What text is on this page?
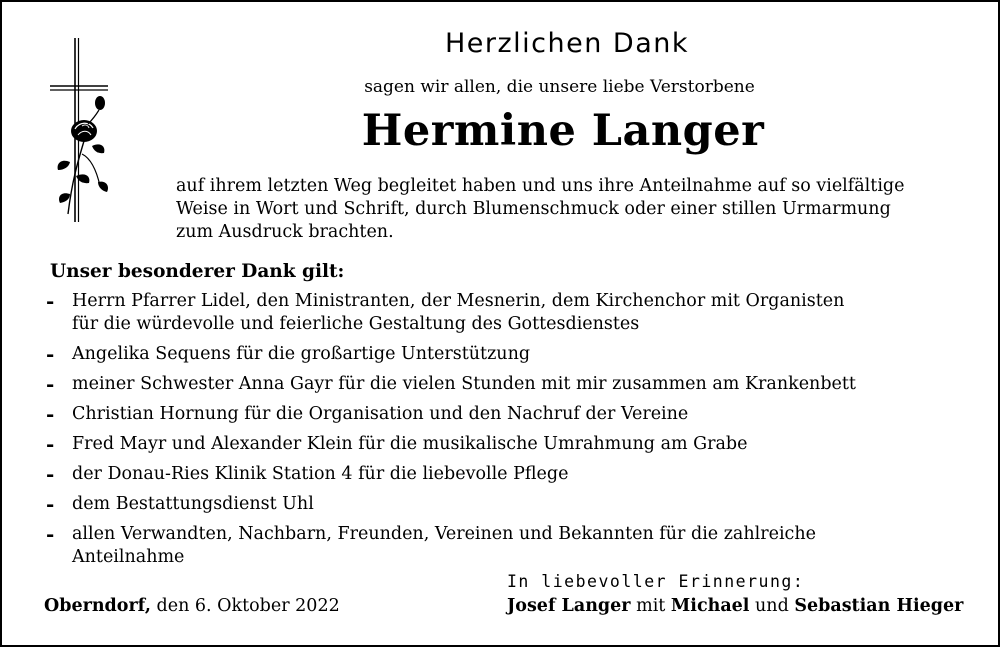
Herzlichen Dank
sagen wir allen, die unsere liebe Verstorbene
Hermine Langer
auf ihrem letzten Weg begleitet haben und uns ihre Anteilnahme auf so vielfältige
Weise in Wort und Schrift, durch Blumenschmuck oder einer stillen Urmarmung
zum Ausdruck brachten.
Unser besonderer Dank gilt:
- Herrn Pfarrer Lidel, den Ministranten, der Mesnerin, dem Kirchenchor mit Organisten
für die würdevolle und feierliche Gestaltung des Gottesdienstes
- Angelika Sequens für die großartige Unterstützung
- meiner Schwester Anna Gayr für die vielen Stunden mit mir zusammen am Krankenbett
- Christian Hornung für die Organisation und den Nachruf der Vereine
- Fred Mayr und Alexander Klein für die musikalische Umrahmung am Grabe
- der Donau-Ries Klinik Station 4 für die liebevolle Pflege
- dem Bestattungsdienst Uhl
- allen Verwandten, Nachbarn, Freunden, Vereinen und Bekannten für die zahlreiche
Anteilnahme
Oberndorf, den 6. Oktober 2022
In liebevoller Erinnerung:
Josef Langer mit Michael und Sebastian Hieger
